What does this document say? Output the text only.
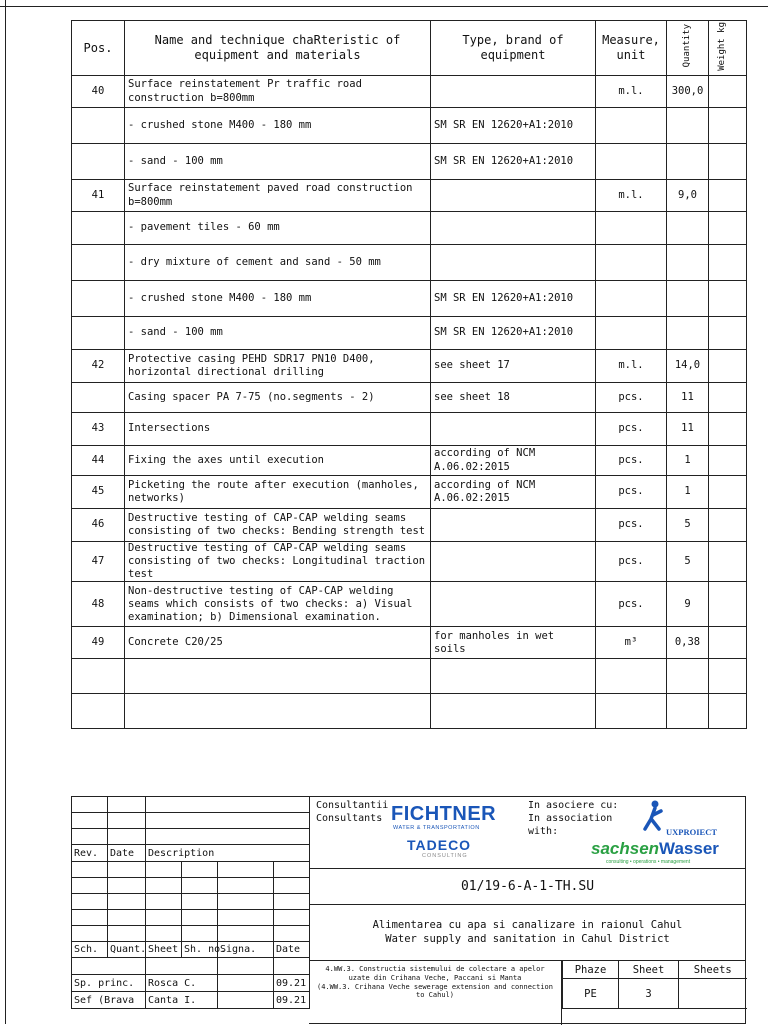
Pos.	Name and technique chaRteristic of equipment and materials	Type, brand of equipment	Measure, unit	Quantity	Weight kg
40	Surface reinstatement Pr traffic road construction b=800mm		m.l.	300,0	
	- crushed stone M400 - 180 mm	SM SR EN 12620+A1:2010			
	- sand - 100 mm	SM SR EN 12620+A1:2010			
41	Surface reinstatement paved road construction b=800mm		m.l.	9,0	
	- pavement tiles - 60 mm				
	- dry mixture of cement and sand - 50 mm				
	- crushed stone M400 - 180 mm	SM SR EN 12620+A1:2010			
	- sand - 100 mm	SM SR EN 12620+A1:2010			
42	Protective casing PEHD SDR17 PN10 D400, horizontal directional drilling	see sheet 17	m.l.	14,0	
	Casing spacer PA 7-75 (no.segments - 2)	see sheet 18	pcs.	11	
43	Intersections		pcs.	11	
44	Fixing the axes until execution	according of NCM A.06.02:2015	pcs.	1	
45	Picketing the route after execution (manholes, networks)	according of NCM A.06.02:2015	pcs.	1	
46	Destructive testing of CAP-CAP welding seams consisting of two checks: Bending strength test		pcs.	5	
47	Destructive testing of CAP-CAP welding seams consisting of two checks: Longitudinal traction test		pcs.	5	
48	Non-destructive testing of CAP-CAP welding seams which consists of two checks: a) Visual examination; b) Dimensional examination.		pcs.	9	
49	Concrete C20/25	for manholes in wet soils	m³	0,38	

Rev.	Date	Description			

Sch.	Quant.	Sheet	Sh. no.	Signa.	Date

Sp. princ.		Rosca C.			09.21
Sef (Brava		Canta I.			09.21
Consultantii
Consultants FICHTNER
WATER & TRANSPORTATION
TADECO
CONSULTING
In asociere cu:
In association
with:	UXPROIECT
sachsenWasser
consulting • operations • management
01/19-6-A-1-TH.SU
Alimentarea cu apa si canalizare in raionul Cahul
Water supply and sanitation in Cahul District
4.WW.3. Constructia sistemului de colectare a apelor uzate din Crihana Veche, Paccani si Manta
(4.WW.3. Crihana Veche sewerage extension and connection to Cahul)
Phaze	Sheet	Sheets
PE	3	
